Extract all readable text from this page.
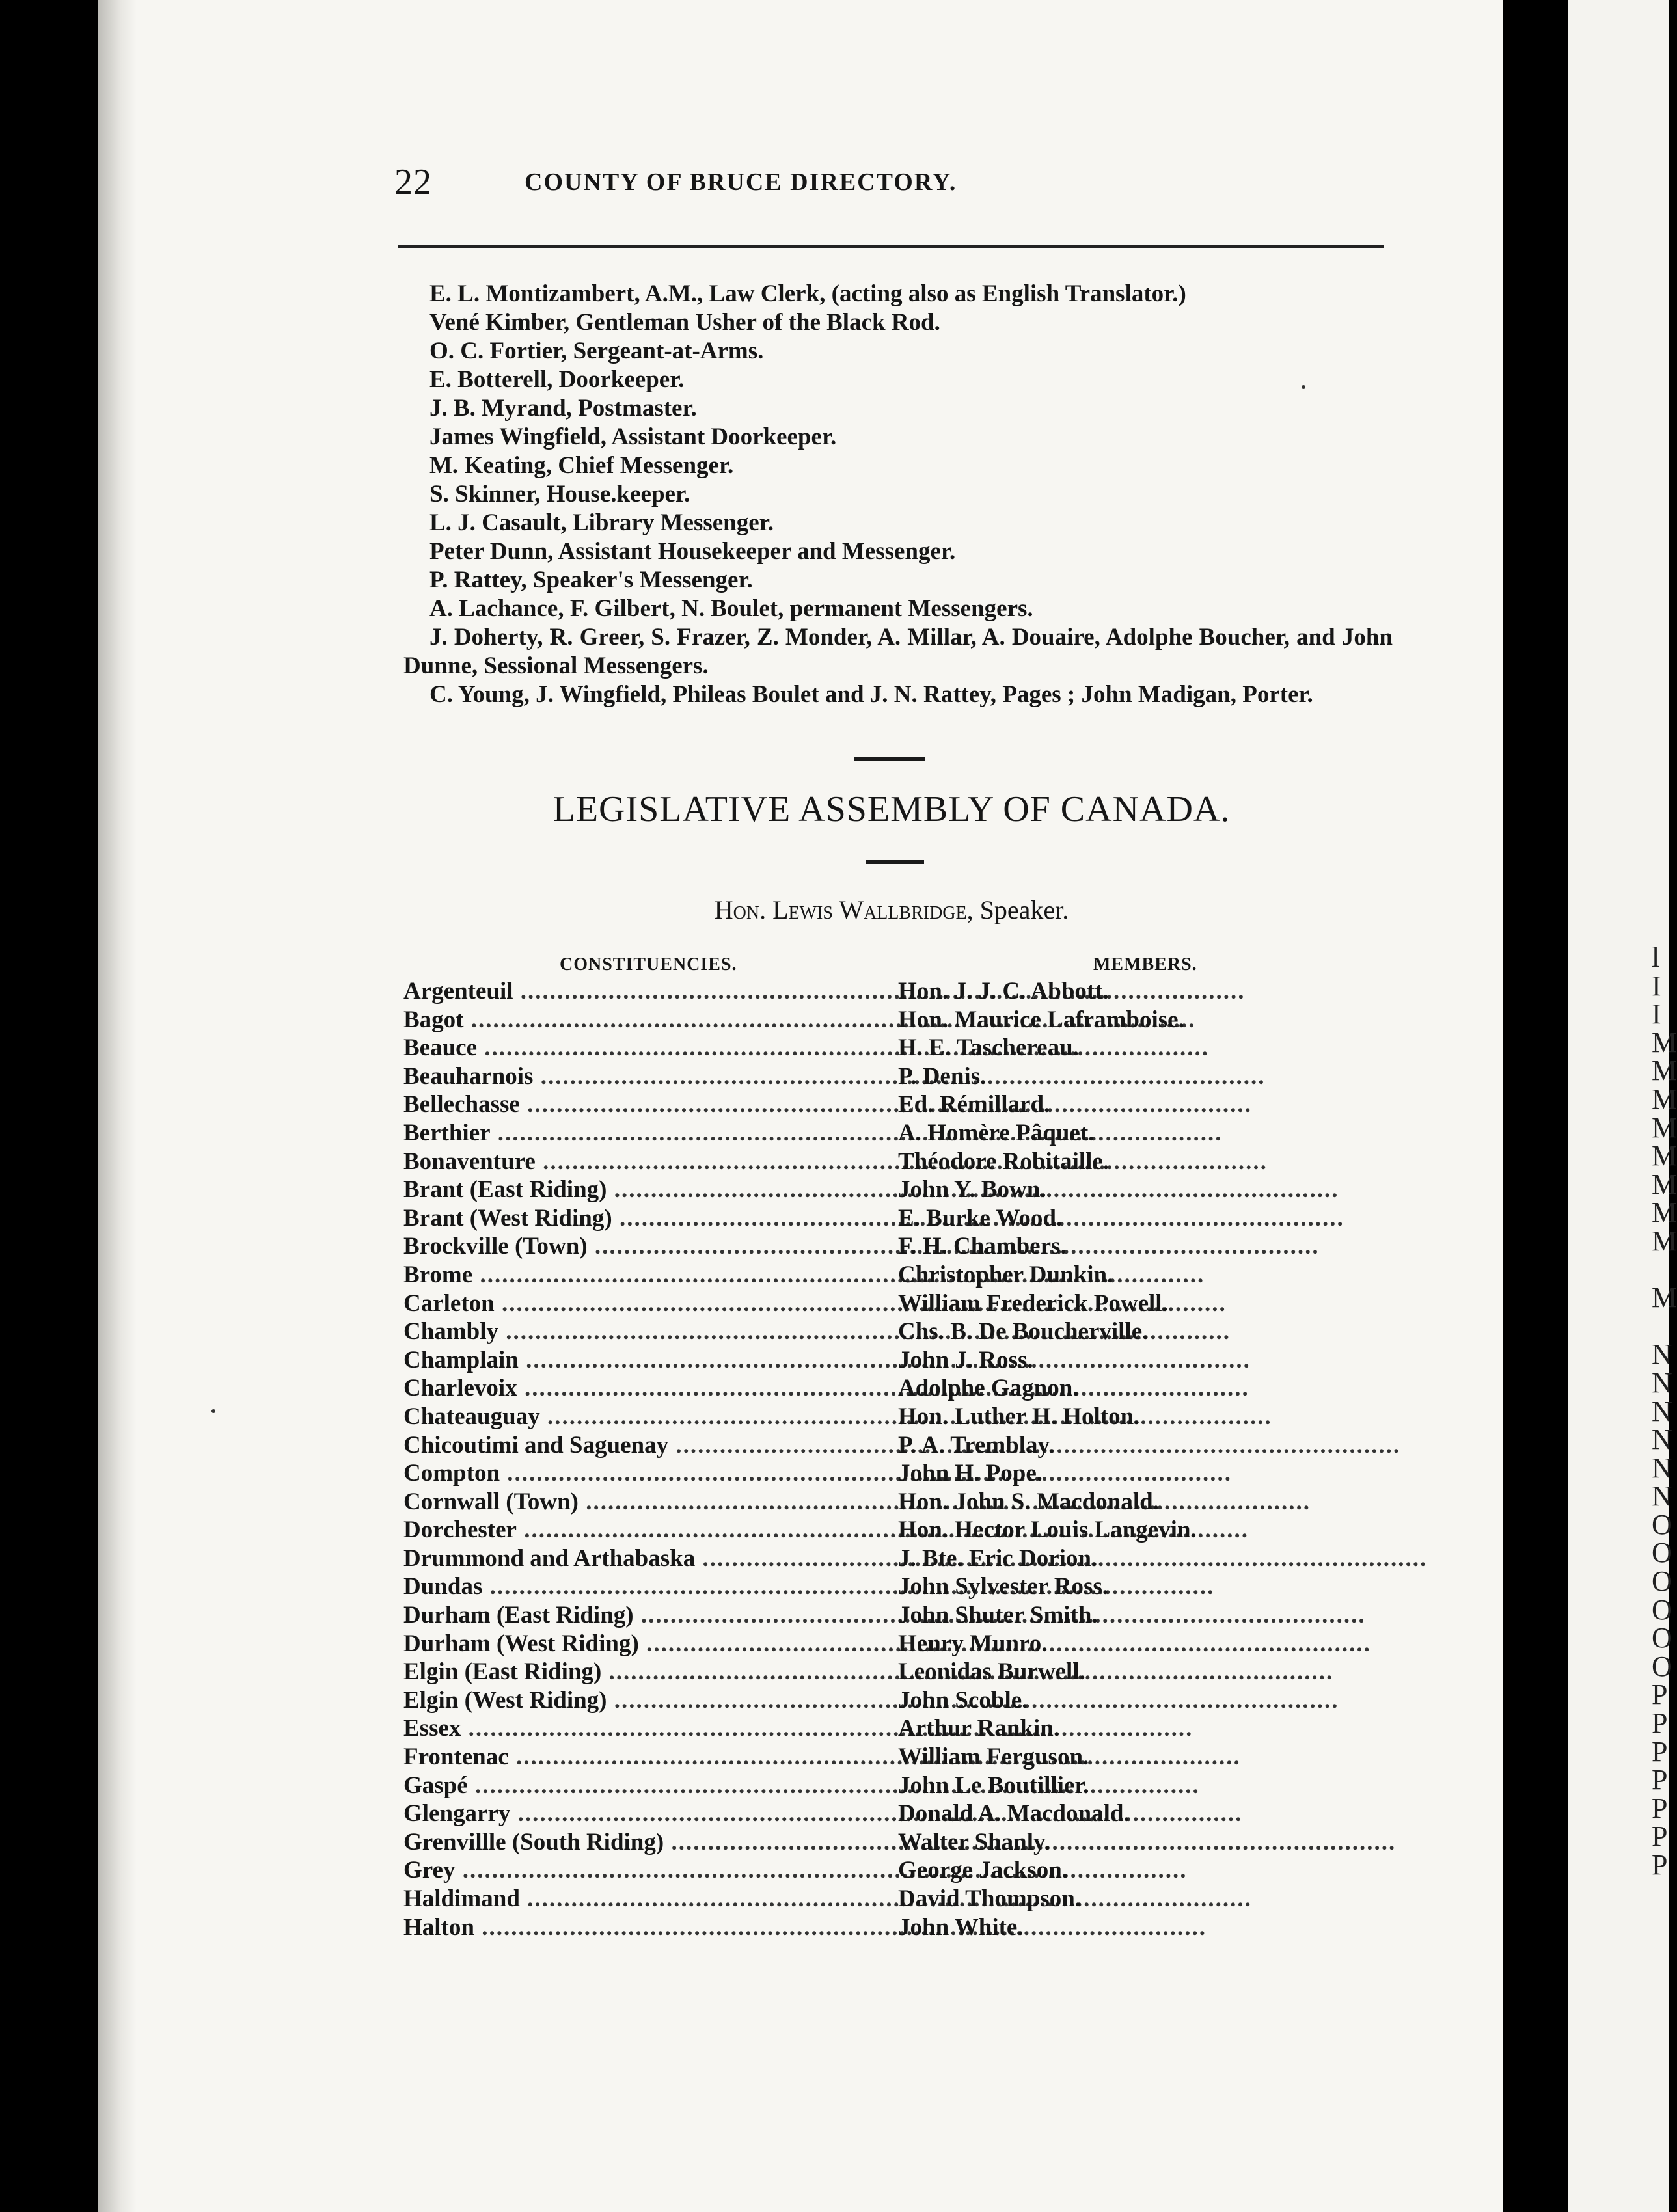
l
I
I
M
M
M
M
M
M
M
M
M
N
N
N
N
N
N
O
O
O
O
O
O
P
P
P
P
P
P
P
22	COUNTY OF BRUCE DIRECTORY.
E. L. Montizambert, A.M., Law Clerk, (acting also as English Translator.)
Vené Kimber, Gentleman Usher of the Black Rod.
O. C. Fortier, Sergeant-at-Arms.
E. Botterell, Doorkeeper.
J. B. Myrand, Postmaster.
James Wingfield, Assistant Doorkeeper.
M. Keating, Chief Messenger.
S. Skinner, House.keeper.
L. J. Casault, Library Messenger.
Peter Dunn, Assistant Housekeeper and Messenger.
P. Rattey, Speaker's Messenger.
A. Lachance, F. Gilbert, N. Boulet, permanent Messengers.
J. Doherty, R. Greer, S. Frazer, Z. Monder, A. Millar, A. Douaire, Adolphe Boucher, and John Dunne, Sessional Messengers.
C. Young, J. Wingfield, Phileas Boulet and J. N. Rattey, Pages ; John Madigan, Porter.
LEGISLATIVE ASSEMBLY OF CANADA.
Hon. Lewis Wallbridge, Speaker.
CONSTITUENCIES.	MEMBERS.
Argenteuil .....	Hon. J. J. C. Abbott.
Bagot .....	Hon. Maurice Laframboise.
Beauce .....	H. E. Taschereau.
Beauharnois .....	P. Denis.
Bellechasse .....	Ed. Rémillard.
Berthier .....	A. Homère Pâquet.
Bonaventure .....	Théodore Robitaille.
Brant (East Riding) .....	John Y. Bown.
Brant (West Riding) .....	E. Burke Wood.
Brockville (Town) .....	F. H. Chambers.
Brome .....	Christopher Dunkin.
Carleton .....	William Frederick Powell.
Chambly .....	Chs. B. De Boucherville.
Champlain .....	John J. Ross.
Charlevoix .....	Adolphe Gagnon.
Chateauguay .....	Hon. Luther H. Holton.
Chicoutimi and Saguenay .....	P. A. Tremblay.
Compton .....	John H. Pope.
Cornwall (Town) .....	Hon. John S. Macdonald.
Dorchester .....	Hon. Hector Louis Langevin.
Drummond and Arthabaska .....	J. Bte. Eric Dorion.
Dundas .....	John Sylvester Ross.
Durham (East Riding) .....	John Shuter Smith.
Durham (West Riding) .....	Henry Munro.
Elgin (East Riding) .....	Leonidas Burwell.
Elgin (West Riding) .....	John Scoble.
Essex .....	Arthur Rankin.
Frontenac .....	William Ferguson.
Gaspé .....	John Le Boutillier.
Glengarry .....	Donald A. Macdonald.
Grenvillle (South Riding) .....	Walter Shanly.
Grey .....	George Jackson.
Haldimand .....	David Thompson.
Halton .....	John White.
